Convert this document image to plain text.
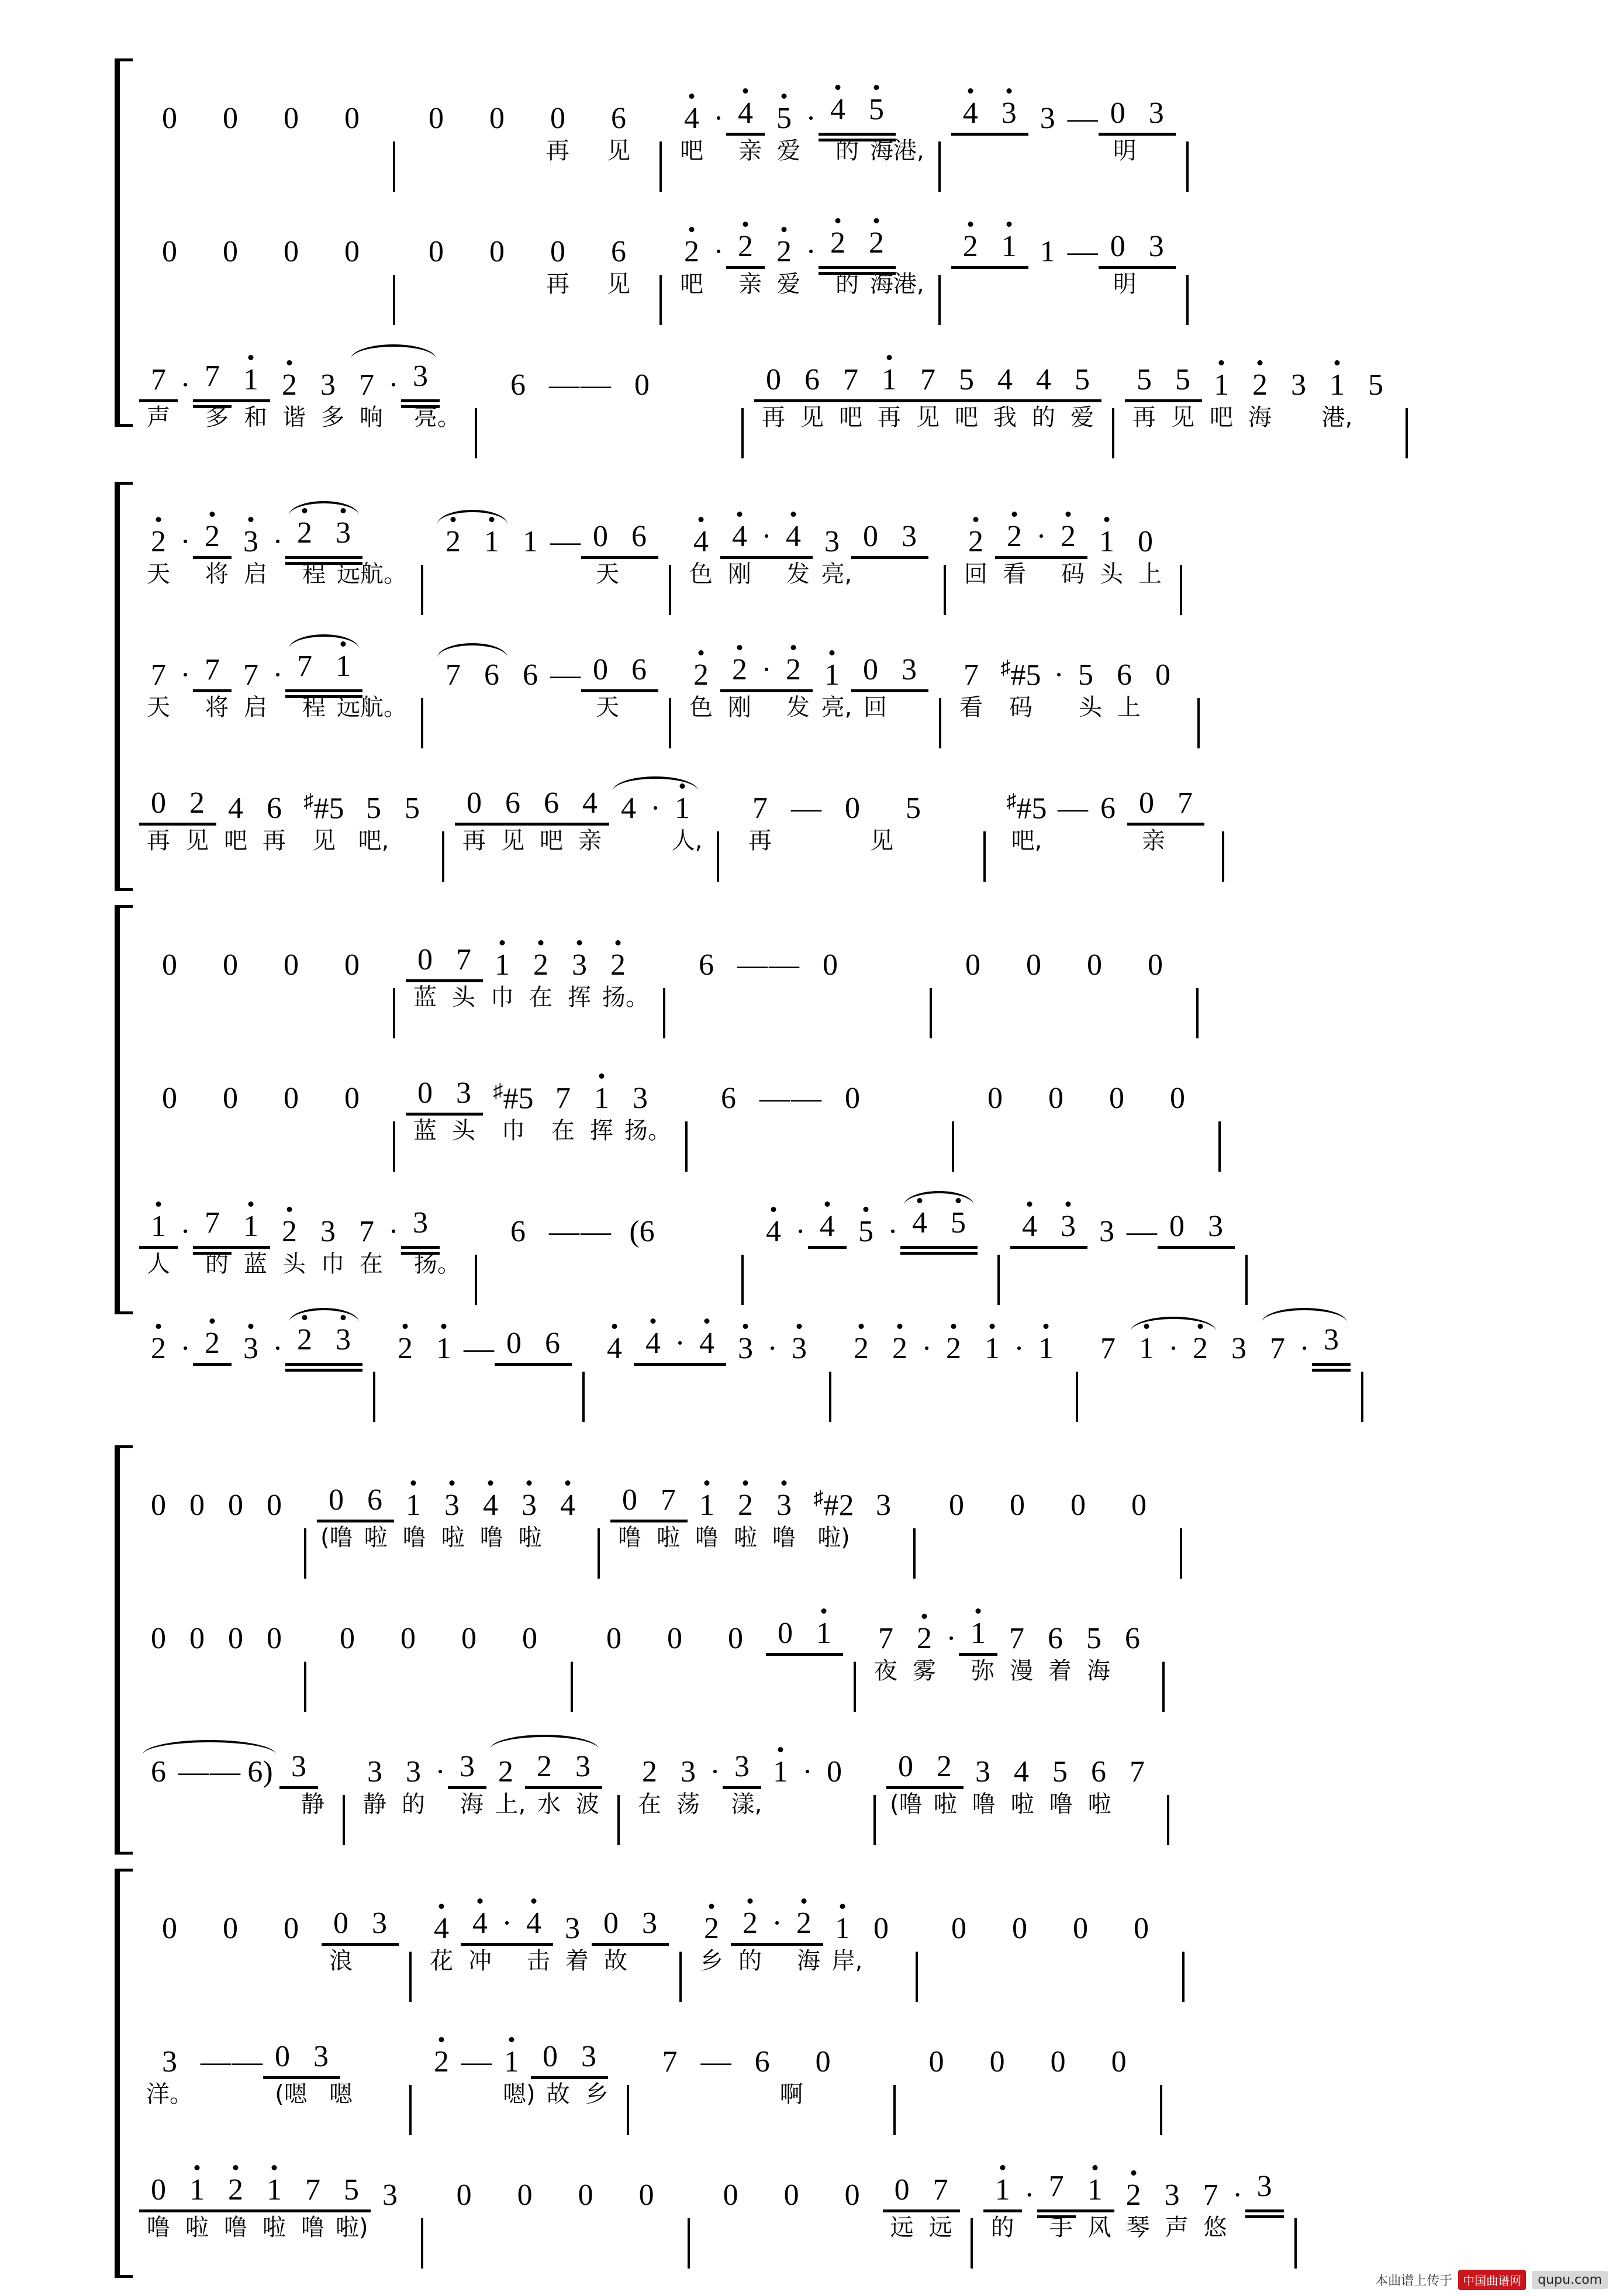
0	0	0	0	0	0	0	6
再	见
4 · 4 5 · 4 5
吧	亲 爱	的 海港,
4 3 3 — 0 3
明
0	0	0	0	0	0	0	6
再	见
2 · 2 2 · 2 2
吧	亲 爱	的 海港,
2 1 1 — 0 3
明
7 · 7 1 2 3 7 · 3
声	多 和 谐 多 响	亮。
6 — — 0	0 6 7 1 7 5 4 4 5
再 见 吧 再 见 吧 我 的 爱
5 5 1 2 3 1 5
再 见 吧 海	港,
2 · 2 3 · 2 3
天	将 启	程 远航。
2 1 1 — 0 6
天
4 4 · 4 3 0 3
色 刚	发 亮,
2 2 · 2 1 0
回 看	码 头 上
7 · 7 7 · 7 1
天	将 启	程 远航。
7 6 6 — 0 6
天
2 2 · 2 1 0 3
色 刚	发 亮, 回
7	♯#5 · 5 6 0
看	码	头 上
0 2 4 6	♯#5 5 5
再 见 吧 再	见 吧,
0 6 6 4 4 · 1
再 见 吧 亲	人,
7 — 0	5
再	见
♯#5 — 6 0 7
吧,	亲
0	0	0	0	0 7 1 2 3 2
蓝 头 巾 在 挥 扬。
6 — — 0	0	0	0	0
0	0	0	0	0 3	♯#5 7 1 3
蓝 头	巾	在 挥 扬。
6 — — 0	0	0	0	0
1 · 7 1 2 3 7 · 3
人	的 蓝 头 巾 在	扬。
6 — — (6	4 · 4 5 · 4 5	4 3 3 — 0 3
2 · 2 3 · 2 3	2 1 — 0 6	4 4 · 4 3 · 3	2 2 · 2 1 · 1	7 1 · 2 3 7 · 3
0 0 0 0	0 6 1 3 4 3 4
(噜 啦 噜 啦 噜 啦
0 7 1 2 3	♯#2 3
噜 啦 噜 啦 噜 啦)
0	0	0	0
0 0 0 0	0	0	0	0	0	0	0	0 1	7 2 · 1 7 6 5 6
夜 雾	弥 漫 着 海
6 — — 6) 3
静
3 3 · 3 2 2 3
静 的	海 上, 水 波
2 3 · 3 1 · 0
在 荡	漾,
0 2 3 4 5 6 7
(噜 啦 噜 啦 噜 啦
0	0	0	0 3
浪
4 4 · 4 3 0 3
花 冲	击 着 故
2 2 · 2 1 0
乡 的	海 岸,
0	0	0	0
3 — — 0 3
洋。	(嗯 嗯
2 — 1 0 3
嗯) 故 乡
7 — 6	0
啊
0	0	0	0
0 1 2 1 7 5 3
噜 啦 噜 啦 噜 啦)
0	0	0	0	0	0	0	0 7
远 远
1 · 7 1 2 3 7 · 3
的	手 风 琴 声 悠
本曲谱上传于 中国曲谱网	qupu.com
